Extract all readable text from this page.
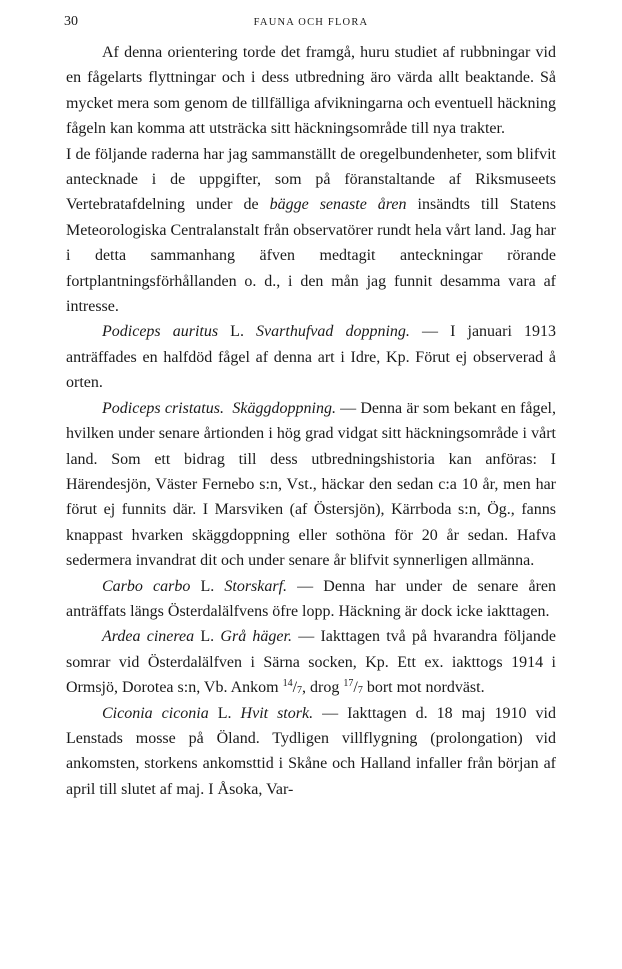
30	FAUNA OCH FLORA

Af denna orientering torde det framgå, huru studiet af rubbningar vid en fågelarts flyttningar och i dess utbredning äro värda allt beaktande. Så mycket mera som genom de tillfälliga afvikningarna och eventuell häckning fågeln kan komma att utsträcka sitt häckningsområde till nya trakter.

I de följande raderna har jag sammanställt de oregelbundenheter, som blifvit antecknade i de uppgifter, som på föranstaltande af Riksmuseets Vertebratafdelning under de bägge senaste åren insändts till Statens Meteorologiska Centralanstalt från observatörer rundt hela vårt land. Jag har i detta sammanhang äfven medtagit anteckningar rörande fortplantningsförhållanden o. d., i den mån jag funnit desamma vara af intresse.

Podiceps auritus L. Svarthufvad doppning. — I januari 1913 anträffades en halfdöd fågel af denna art i Idre, Kp. Förut ej observerad å orten.

Podiceps cristatus. Skäggdoppning. — Denna är som bekant en fågel, hvilken under senare årtionden i hög grad vidgat sitt häckningsområde i vårt land. Som ett bidrag till dess utbredningshistoria kan anföras: I Härendesjön, Väster Fernebo s:n, Vst., häckar den sedan c:a 10 år, men har förut ej funnits där. I Marsviken (af Östersjön), Kärrboda s:n, Ög., fanns knappast hvarken skäggdoppning eller sothöna för 20 år sedan. Hafva sedermera invandrat dit och under senare år blifvit synnerligen allmänna.

Carbo carbo L. Storskarf. — Denna har under de senare åren anträffats längs Österdalälfvens öfre lopp. Häckning är dock icke iakttagen.

Ardea cinerea L. Grå häger. — Iakttagen två på hvarandra följande somrar vid Österdalälfven i Särna socken, Kp. Ett ex. iakttogs 1914 i Ormsjö, Dorotea s:n, Vb. Ankom $^{14}/_7$, drog $^{17}/_7$ bort mot nordväst.

Ciconia ciconia L. Hvit stork. — Iakttagen d. 18 maj 1910 vid Lenstads mosse på Öland. Tydligen villflygning (prolongation) vid ankomsten, storkens ankomsttid i Skåne och Halland infaller från början af april till slutet af maj. I Åsoka, Var-
